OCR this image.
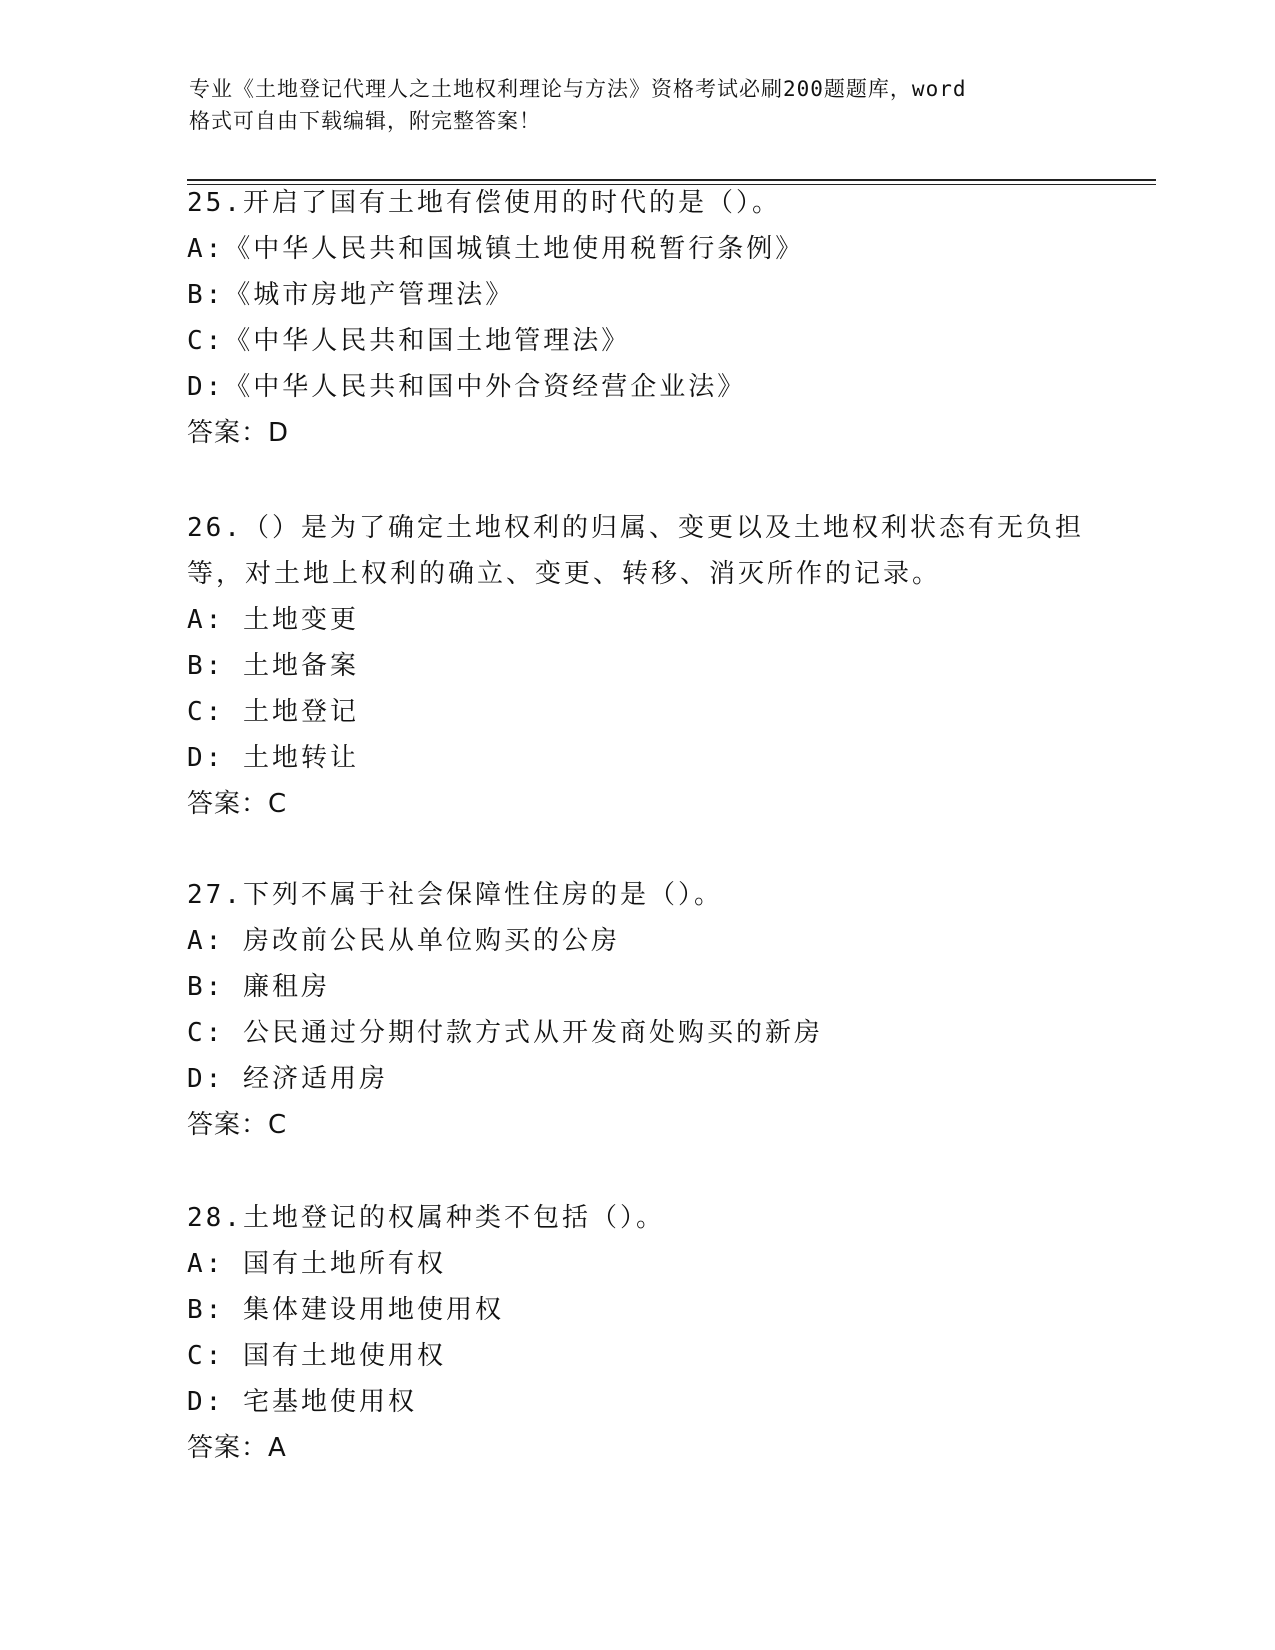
专业《土地登记代理人之土地权利理论与方法》资格考试必刷200题题库，word

格式可自由下载编辑，附完整答案！

25.开启了国有土地有偿使用的时代的是（）。
A:《中华人民共和国城镇土地使用税暂行条例》
B:《城市房地产管理法》
C:《中华人民共和国土地管理法》
D:《中华人民共和国中外合资经营企业法》
答案：D
26.（）是为了确定土地权利的归属、变更以及土地权利状态有无负担
等，对土地上权利的确立、变更、转移、消灭所作的记录。
A: 土地变更
B: 土地备案
C: 土地登记
D: 土地转让
答案：C
27.下列不属于社会保障性住房的是（）。
A: 房改前公民从单位购买的公房
B: 廉租房
C: 公民通过分期付款方式从开发商处购买的新房
D: 经济适用房
答案：C
28.土地登记的权属种类不包括（）。
A: 国有土地所有权
B: 集体建设用地使用权
C: 国有土地使用权
D: 宅基地使用权
答案：A
